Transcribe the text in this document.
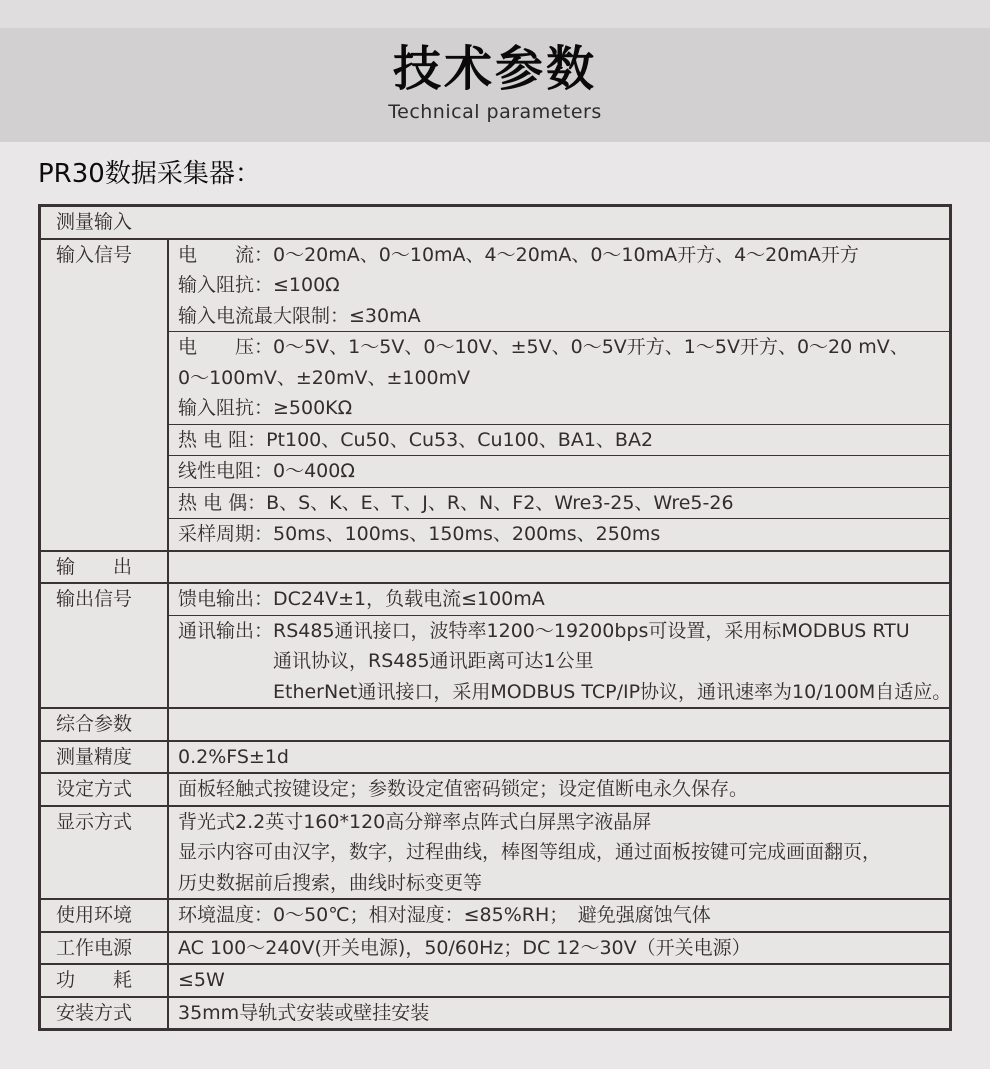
技术参数
Technical parameters
PR30数据采集器：
测量输入
输入信号	电　　流：0～20mA、0～10mA、4～20mA、0～10mA开方、4～20mA开方
输入阻抗：≤100Ω
输入电流最大限制：≤30mA
电　　压：0～5V、1～5V、0～10V、±5V、0～5V开方、1～5V开方、0～20 mV、
0～100mV、±20mV、±100mV
输入阻抗：≥500KΩ
热 电 阻：Pt100、Cu50、Cu53、Cu100、BA1、BA2
线性电阻：0～400Ω
热 电 偶：B、S、K、E、T、J、R、N、F2、Wre3-25、Wre5-26
采样周期：50ms、100ms、150ms、200ms、250ms
输　　出
输出信号	馈电输出：DC24V±1，负载电流≤100mA
通讯输出：RS485通讯接口，波特率1200～19200bps可设置，采用标MODBUS RTU
　　　　　通讯协议，RS485通讯距离可达1公里
　　　　　EtherNet通讯接口，采用MODBUS TCP/IP协议，通讯速率为10/100M自适应。
综合参数
测量精度	0.2%FS±1d
设定方式	面板轻触式按键设定；参数设定值密码锁定；设定值断电永久保存。
显示方式	背光式2.2英寸160*120高分辩率点阵式白屏黑字液晶屏
显示内容可由汉字，数字，过程曲线，棒图等组成，通过面板按键可完成画面翻页，
历史数据前后搜索，曲线时标变更等
使用环境	环境温度：0～50℃；相对湿度：≤85%RH；　避免强腐蚀气体
工作电源	AC 100～240V(开关电源)，50/60Hz；DC 12～30V（开关电源）
功　　耗	≤5W
安装方式	35mm导轨式安装或壁挂安装
